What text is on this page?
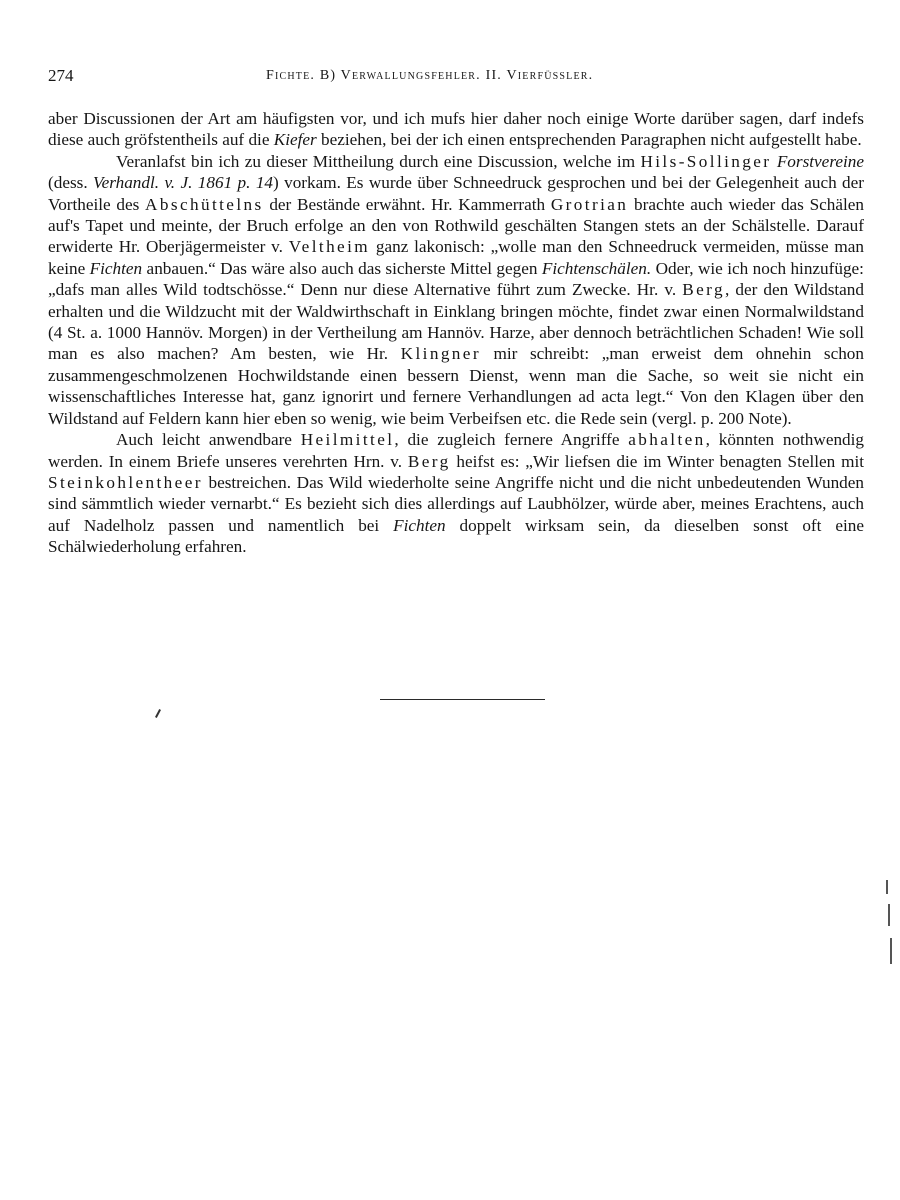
274	Fichte. B) Verwallungsfehler. II. Vierfüssler.

aber Discussionen der Art am häufigsten vor, und ich mufs hier daher noch einige Worte darüber sagen, darf indefs diese auch gröfstentheils auf die Kiefer beziehen, bei der ich einen entsprechenden Paragraphen nicht aufgestellt habe.

Veranlafst bin ich zu dieser Mittheilung durch eine Discussion, welche im Hils-Sollinger Forstvereine (dess. Verhandl. v. J. 1861 p. 14) vorkam. Es wurde über Schneedruck gesprochen und bei der Gelegenheit auch der Vortheile des Abschüttelns der Bestände erwähnt. Hr. Kammerrath Grotrian brachte auch wieder das Schälen auf's Tapet und meinte, der Bruch erfolge an den von Rothwild geschälten Stangen stets an der Schälstelle. Darauf erwiderte Hr. Oberjägermeister v. Veltheim ganz lakonisch: „wolle man den Schneedruck vermeiden, müsse man keine Fichten anbauen.“ Das wäre also auch das sicherste Mittel gegen Fichtenschälen. Oder, wie ich noch hinzufüge: „dafs man alles Wild todtschösse.“ Denn nur diese Alternative führt zum Zwecke. Hr. v. Berg, der den Wildstand erhalten und die Wildzucht mit der Waldwirthschaft in Einklang bringen möchte, findet zwar einen Normalwildstand (4 St. a. 1000 Hannöv. Morgen) in der Vertheilung am Hannöv. Harze, aber dennoch beträchtlichen Schaden! Wie soll man es also machen? Am besten, wie Hr. Klingner mir schreibt: „man erweist dem ohnehin schon zusammengeschmolzenen Hochwildstande einen bessern Dienst, wenn man die Sache, so weit sie nicht ein wissenschaftliches Interesse hat, ganz ignorirt und fernere Verhandlungen ad acta legt.“ Von den Klagen über den Wildstand auf Feldern kann hier eben so wenig, wie beim Verbeifsen etc. die Rede sein (vergl. p. 200 Note).

Auch leicht anwendbare Heilmittel, die zugleich fernere Angriffe abhalten, könnten nothwendig werden. In einem Briefe unseres verehrten Hrn. v. Berg heifst es: „Wir liefsen die im Winter benagten Stellen mit Steinkohlentheer bestreichen. Das Wild wiederholte seine Angriffe nicht und die nicht unbedeutenden Wunden sind sämmtlich wieder vernarbt.“ Es bezieht sich dies allerdings auf Laubhölzer, würde aber, meines Erachtens, auch auf Nadelholz passen und namentlich bei Fichten doppelt wirksam sein, da dieselben sonst oft eine Schälwiederholung erfahren.
